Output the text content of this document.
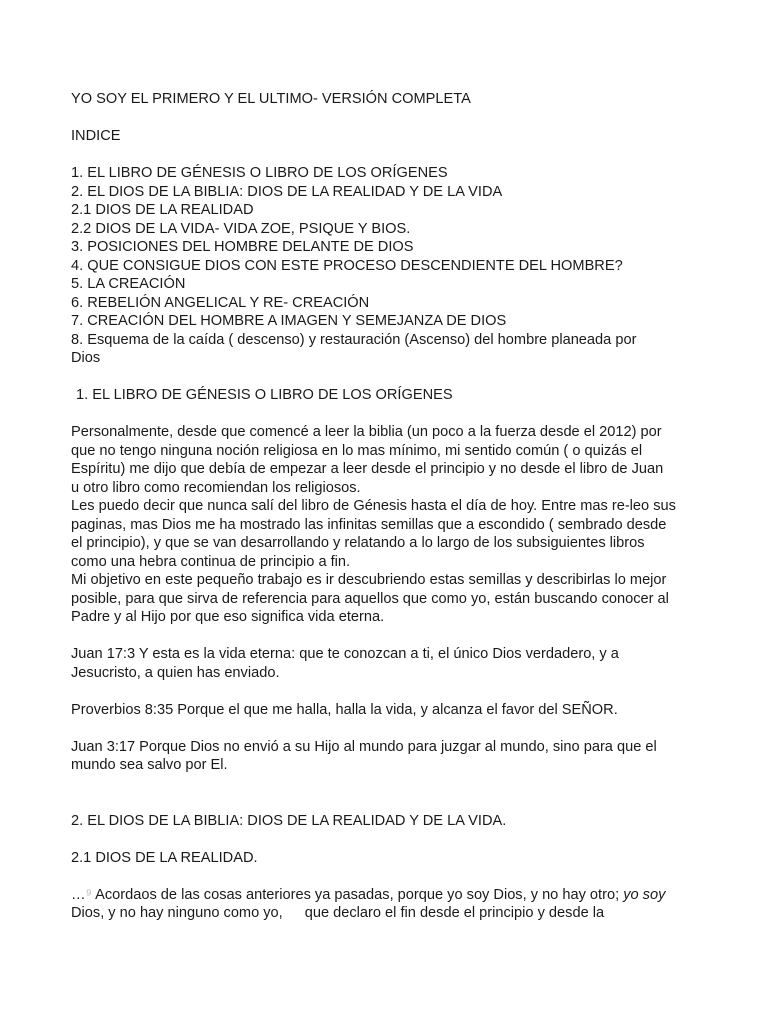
YO SOY EL PRIMERO Y EL ULTIMO- VERSIÓN COMPLETA
INDICE
1. EL LIBRO DE GÉNESIS O LIBRO DE LOS ORÍGENES
2. EL DIOS DE LA BIBLIA: DIOS DE LA REALIDAD Y DE LA VIDA
2.1 DIOS DE LA REALIDAD
2.2 DIOS DE LA VIDA- VIDA ZOE, PSIQUE Y BIOS.
3. POSICIONES DEL HOMBRE DELANTE DE DIOS
4. QUE CONSIGUE DIOS CON ESTE PROCESO DESCENDIENTE DEL HOMBRE?
5. LA CREACIÓN
6. REBELIÓN ANGELICAL Y RE- CREACIÓN
7. CREACIÓN DEL HOMBRE A IMAGEN Y SEMEJANZA DE DIOS
8. Esquema de la caída ( descenso) y restauración (Ascenso) del hombre planeada por
Dios
1. EL LIBRO DE GÉNESIS O LIBRO DE LOS ORÍGENES
Personalmente, desde que comencé a leer la biblia (un poco a la fuerza desde el 2012) por
que no tengo ninguna noción religiosa en lo mas mínimo, mi sentido común ( o quizás el
Espíritu) me dijo que debía de empezar a leer desde el principio y no desde el libro de Juan
u otro libro como recomiendan los religiosos.
Les puedo decir que nunca salí del libro de Génesis hasta el día de hoy. Entre mas re-leo sus
paginas, mas Dios me ha mostrado las infinitas semillas que a escondido ( sembrado desde
el principio), y que se van desarrollando y relatando a lo largo de los subsiguientes libros
como una hebra continua de principio a fin.
Mi objetivo en este pequeño trabajo es ir descubriendo estas semillas y describirlas lo mejor
posible, para que sirva de referencia para aquellos que como yo, están buscando conocer al
Padre y al Hijo por que eso significa vida eterna.
Juan 17:3 Y esta es la vida eterna: que te conozcan a ti, el único Dios verdadero, y a
Jesucristo, a quien has enviado.
Proverbios 8:35 Porque el que me halla, halla la vida, y alcanza el favor del SEÑOR.
Juan 3:17 Porque Dios no envió a su Hijo al mundo para juzgar al mundo, sino para que el
mundo sea salvo por El.
2. EL DIOS DE LA BIBLIA: DIOS DE LA REALIDAD Y DE LA VIDA.
2.1 DIOS DE LA REALIDAD.
…⁹ Acordaos de las cosas anteriores ya pasadas, porque yo soy Dios, y no hay otro; yo soy
Dios, y no hay ninguno como yo, que declaro el fin desde el principio y desde la
